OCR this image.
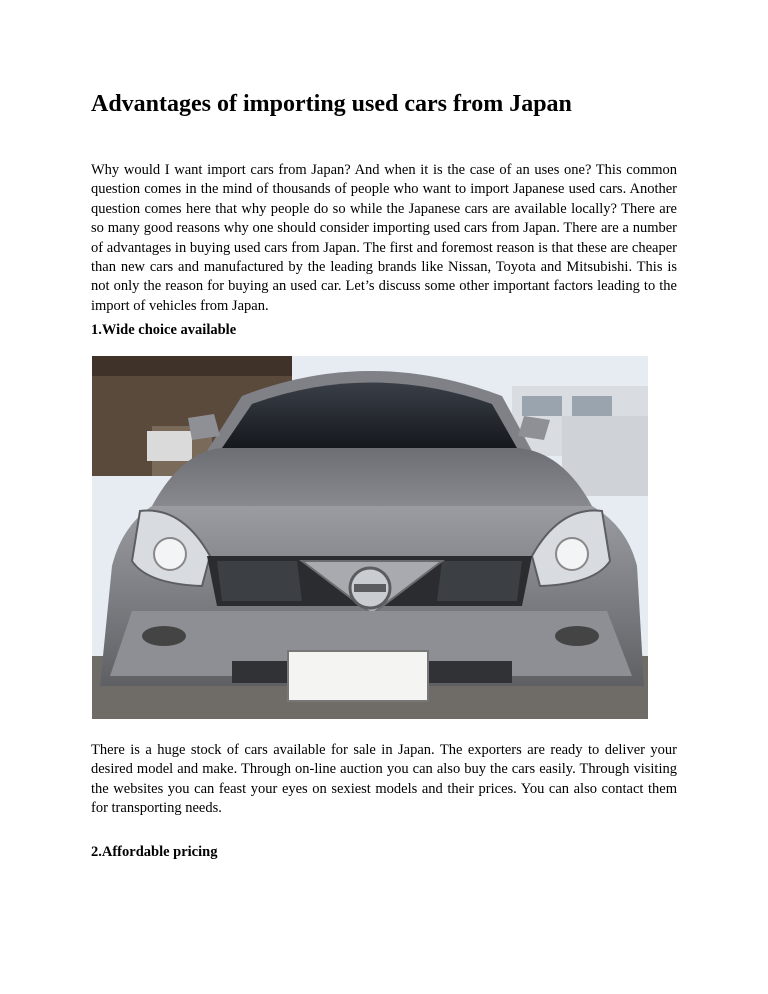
Advantages of importing used cars from Japan

Why would I want import cars from Japan? And when it is the case of an uses one? This common question comes in the mind of thousands of people who want to import Japanese used cars. Another question comes here that why people do so while the Japanese cars are available locally? There are so many good reasons why one should consider importing used cars from Japan. There are a number of advantages in buying used cars from Japan. The first and foremost reason is that these are cheaper than new cars and manufactured by the leading brands like Nissan, Toyota and Mitsubishi. This is not only the reason for buying an used car. Let’s discuss some other important factors leading to the import of vehicles from Japan.

1.Wide choice available

There is a huge stock of cars available for sale in Japan. The exporters are ready to deliver your desired model and make. Through on-line auction you can also buy the cars easily. Through visiting the websites you can feast your eyes on sexiest models and their prices. You can also contact them for transporting needs.

2.Affordable pricing
